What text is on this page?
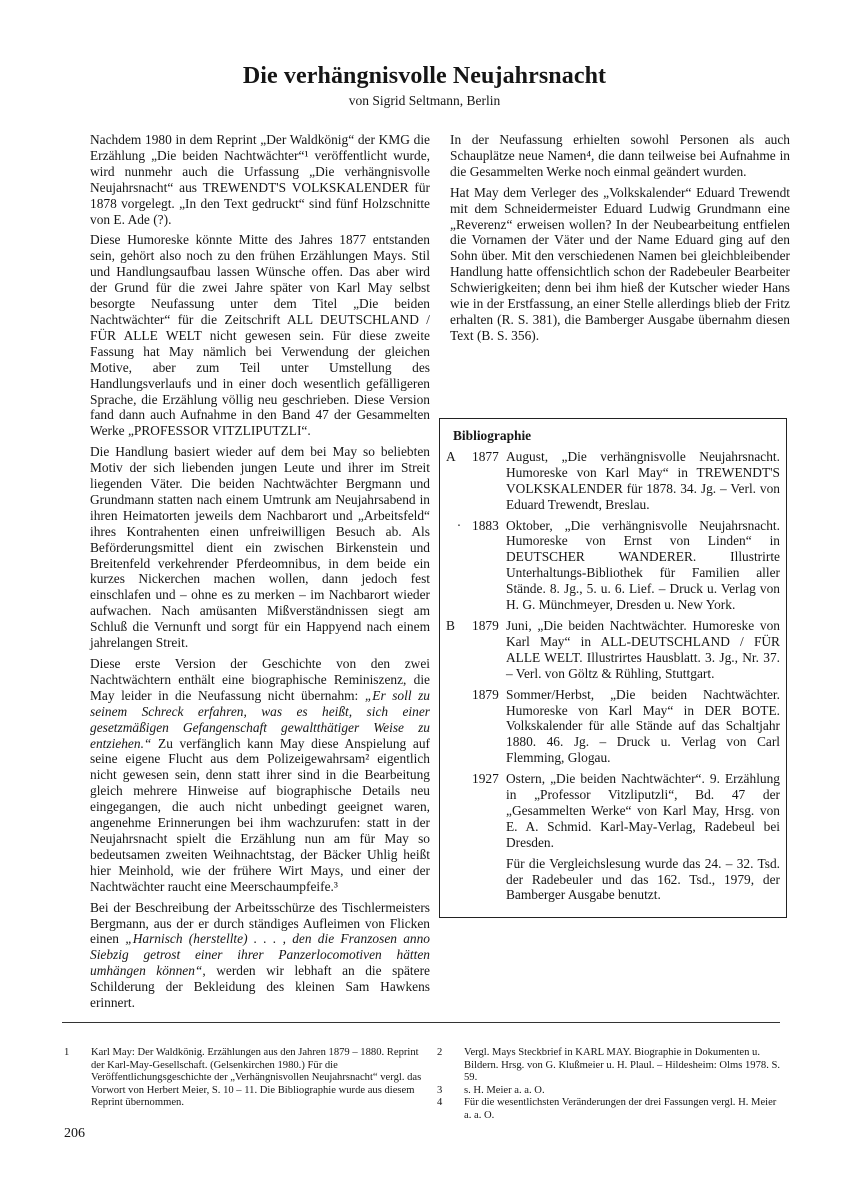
Die verhängnisvolle Neujahrsnacht
von Sigrid Seltmann, Berlin

Nachdem 1980 in dem Reprint „Der Waldkönig“ der KMG die Erzählung „Die beiden Nachtwächter“¹ veröffentlicht wurde, wird nunmehr auch die Urfassung „Die verhängnisvolle Neujahrsnacht“ aus TREWENDT'S VOLKSKALENDER für 1878 vorgelegt. „In den Text gedruckt“ sind fünf Holzschnitte von E. Ade (?).

Diese Humoreske könnte Mitte des Jahres 1877 entstanden sein, gehört also noch zu den frühen Erzählungen Mays. Stil und Handlungsaufbau lassen Wünsche offen. Das aber wird der Grund für die zwei Jahre später von Karl May selbst besorgte Neufassung unter dem Titel „Die beiden Nachtwächter“ für die Zeitschrift ALL DEUTSCHLAND / FÜR ALLE WELT nicht gewesen sein. Für diese zweite Fassung hat May nämlich bei Verwendung der gleichen Motive, aber zum Teil unter Umstellung des Handlungsverlaufs und in einer doch wesentlich gefälligeren Sprache, die Erzählung völlig neu geschrieben. Diese Version fand dann auch Aufnahme in den Band 47 der Gesammelten Werke „PROFESSOR VITZLIPUTZLI“.

Die Handlung basiert wieder auf dem bei May so beliebten Motiv der sich liebenden jungen Leute und ihrer im Streit liegenden Väter. Die beiden Nachtwächter Bergmann und Grundmann statten nach einem Umtrunk am Neujahrsabend in ihren Heimatorten jeweils dem Nachbarort und „Arbeitsfeld“ ihres Kontrahenten einen unfreiwilligen Besuch ab. Als Beförderungsmittel dient ein zwischen Birkenstein und Breitenfeld verkehrender Pferdeomnibus, in dem beide ein kurzes Nickerchen machen wollen, dann jedoch fest einschlafen und – ohne es zu merken – im Nachbarort wieder aufwachen. Nach amüsanten Mißverständnissen siegt am Schluß die Vernunft und sorgt für ein Happyend nach einem jahrelangen Streit.

Diese erste Version der Geschichte von den zwei Nachtwächtern enthält eine biographische Reminiszenz, die May leider in die Neufassung nicht übernahm: „Er soll zu seinem Schreck erfahren, was es heißt, sich einer gesetzmäßigen Gefangenschaft gewaltthätiger Weise zu entziehen.“ Zu verfänglich kann May diese Anspielung auf seine eigene Flucht aus dem Polizeigewahrsam² eigentlich nicht gewesen sein, denn statt ihrer sind in die Bearbeitung gleich mehrere Hinweise auf biographische Details neu eingegangen, die auch nicht unbedingt geeignet waren, angenehme Erinnerungen bei ihm wachzurufen: statt in der Neujahrsnacht spielt die Erzählung nun am für May so bedeutsamen zweiten Weihnachtstag, der Bäcker Uhlig heißt hier Meinhold, wie der frühere Wirt Mays, und einer der Nachtwächter raucht eine Meerschaumpfeife.³

Bei der Beschreibung der Arbeitsschürze des Tischlermeisters Bergmann, aus der er durch ständiges Aufleimen von Flicken einen „Harnisch (herstellte) . . . , den die Franzosen anno Siebzig getrost einer ihrer Panzerlocomotiven hätten umhängen können“, werden wir lebhaft an die spätere Schilderung der Bekleidung des kleinen Sam Hawkens erinnert.

In der Neufassung erhielten sowohl Personen als auch Schauplätze neue Namen⁴, die dann teilweise bei Aufnahme in die Gesammelten Werke noch einmal geändert wurden.

Hat May dem Verleger des „Volkskalender“ Eduard Trewendt mit dem Schneidermeister Eduard Ludwig Grundmann eine „Reverenz“ erweisen wollen? In der Neubearbeitung entfielen die Vornamen der Väter und der Name Eduard ging auf den Sohn über. Mit den verschiedenen Namen bei gleichbleibender Handlung hatte offensichtlich schon der Radebeuler Bearbeiter Schwierigkeiten; denn bei ihm hieß der Kutscher wieder Hans wie in der Erstfassung, an einer Stelle allerdings blieb der Fritz erhalten (R. S. 381), die Bamberger Ausgabe übernahm diesen Text (B. S. 356).

Bibliographie
A	1877 August, „Die verhängnisvolle Neujahrsnacht. Humoreske von Karl May“ in TREWENDT'S VOLKSKALENDER für 1878. 34. Jg. – Verl. von Eduard Trewendt, Breslau.
· 1883 Oktober, „Die verhängnisvolle Neujahrsnacht. Humoreske von Ernst von Linden“ in DEUTSCHER WANDERER. Illustrirte Unterhaltungs-Bibliothek für Familien aller Stände. 8. Jg., 5. u. 6. Lief. – Druck u. Verlag von H. G. Münchmeyer, Dresden u. New York.
B	1879 Juni, „Die beiden Nachtwächter. Humoreske von Karl May“ in ALL-DEUTSCHLAND / FÜR ALLE WELT. Illustrirtes Hausblatt. 3. Jg., Nr. 37. – Verl. von Göltz & Rühling, Stuttgart.
1879 Sommer/Herbst, „Die beiden Nachtwächter. Humoreske von Karl May“ in DER BOTE. Volkskalender für alle Stände auf das Schaltjahr 1880. 46. Jg. – Druck u. Verlag von Carl Flemming, Glogau.
1927 Ostern, „Die beiden Nachtwächter“. 9. Erzählung in „Professor Vitzliputzli“, Bd. 47 der „Gesammelten Werke“ von Karl May, Hrsg. von E. A. Schmid. Karl-May-Verlag, Radebeul bei Dresden.
Für die Vergleichslesung wurde das 24. – 32. Tsd. der Radebeuler und das 162. Tsd., 1979, der Bamberger Ausgabe benutzt.
1	Karl May: Der Waldkönig. Erzählungen aus den Jahren 1879 – 1880. Reprint der Karl-May-Gesellschaft. (Gelsenkirchen 1980.) Für die Veröffentlichungsgeschichte der „Verhängnisvollen Neujahrsnacht“ vergl. das Vorwort von Herbert Meier, S. 10 – 11. Die Bibliographie wurde aus diesem Reprint übernommen.
2	Vergl. Mays Steckbrief in KARL MAY. Biographie in Dokumenten u. Bildern. Hrsg. von G. Klußmeier u. H. Plaul. – Hildesheim: Olms 1978. S. 59.
3	s. H. Meier a. a. O.
4	Für die wesentlichsten Veränderungen der drei Fassungen vergl. H. Meier a. a. O.
206
